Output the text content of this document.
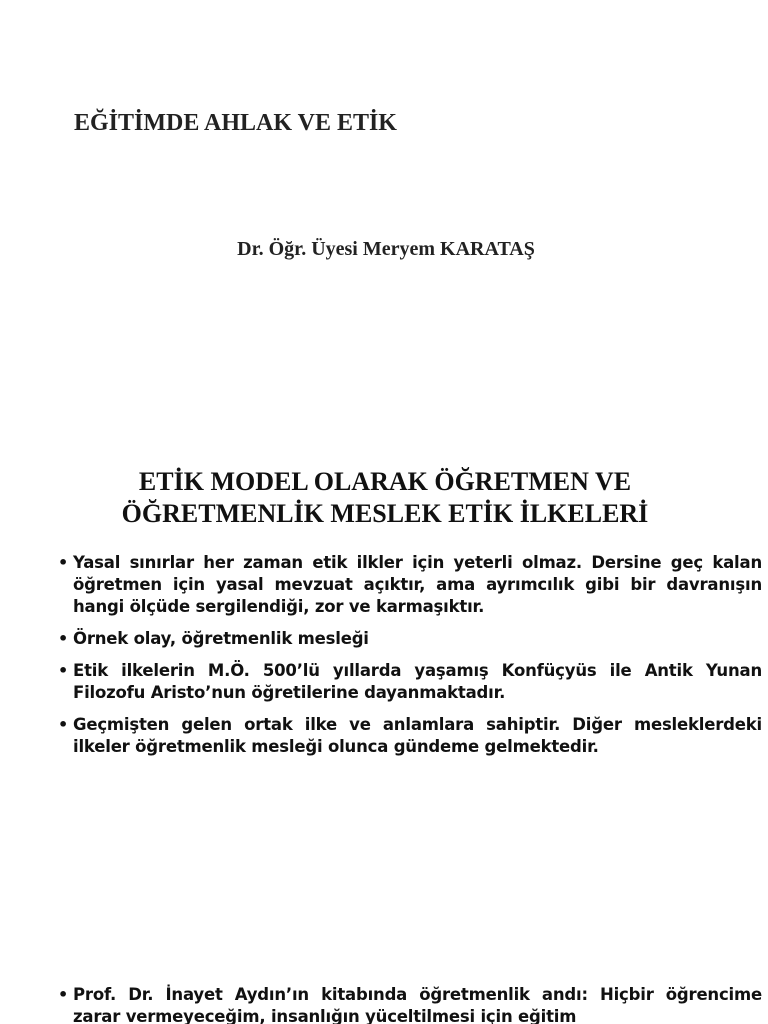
EĞİTİMDE AHLAK VE ETİK

Dr. Öğr. Üyesi Meryem KARATAŞ

ETİK MODEL OLARAK ÖĞRETMEN VE
ÖĞRETMENLİK MESLEK ETİK İLKELERİ
• Yasal sınırlar her zaman etik ilkler için yeterli olmaz. Dersine geç kalan öğretmen için yasal mevzuat açıktır, ama ayrımcılık gibi bir davranışın hangi ölçüde sergilendiği, zor ve karmaşıktır.
• Örnek olay, öğretmenlik mesleği
• Etik ilkelerin M.Ö. 500’lü yıllarda yaşamış Konfüçyüs ile Antik Yunan Filozofu Aristo’nun öğretilerine dayanmaktadır.
• Geçmişten gelen ortak ilke ve anlamlara sahiptir. Diğer mesleklerdeki ilkeler öğretmenlik mesleği olunca gündeme gelmektedir.
• Prof. Dr. İnayet Aydın’ın kitabında öğretmenlik andı: Hiçbir öğrencime zarar vermeyeceğim, insanlığın yüceltilmesi için eğitim
